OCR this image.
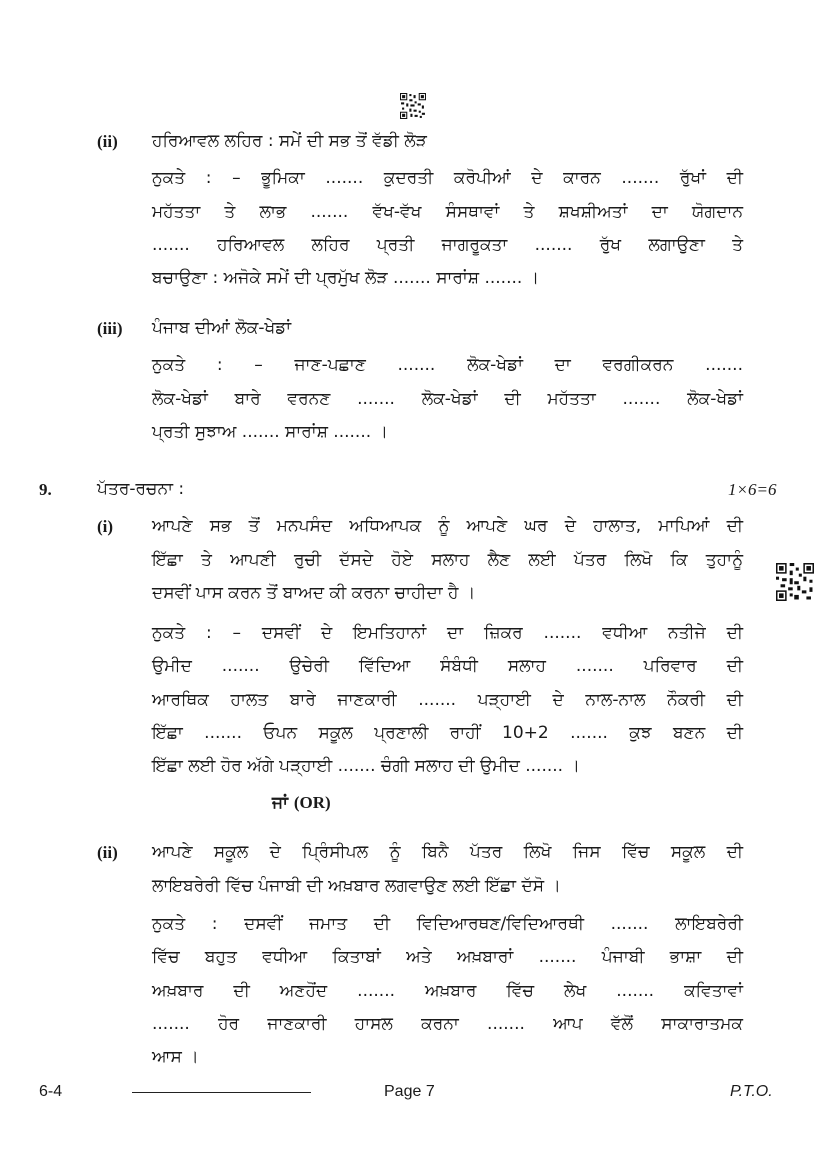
(ii) ਹਰਿਆਵਲ ਲਹਿਰ : ਸਮੇਂ ਦੀ ਸਭ ਤੋਂ ਵੱਡੀ ਲੋੜ
ਨੁਕਤੇ : – ਭੂਮਿਕਾ ....... ਕੁਦਰਤੀ ਕਰੋਪੀਆਂ ਦੇ ਕਾਰਨ ....... ਰੁੱਖਾਂ ਦੀ
ਮਹੱਤਤਾ ਤੇ ਲਾਭ ....... ਵੱਖ-ਵੱਖ ਸੰਸਥਾਵਾਂ ਤੇ ਸ਼ਖਸ਼ੀਅਤਾਂ ਦਾ ਯੋਗਦਾਨ
....... ਹਰਿਆਵਲ ਲਹਿਰ ਪ੍ਰਤੀ ਜਾਗਰੂਕਤਾ ....... ਰੁੱਖ ਲਗਾਉਣਾ ਤੇ
ਬਚਾਉਣਾ : ਅਜੋਕੇ ਸਮੇਂ ਦੀ ਪ੍ਰਮੁੱਖ ਲੋੜ ....... ਸਾਰਾਂਸ਼ ....... ।
(iii) ਪੰਜਾਬ ਦੀਆਂ ਲੋਕ-ਖੇਡਾਂ
ਨੁਕਤੇ : – ਜਾਣ-ਪਛਾਣ ....... ਲੋਕ-ਖੇਡਾਂ ਦਾ ਵਰਗੀਕਰਨ .......
ਲੋਕ-ਖੇਡਾਂ ਬਾਰੇ ਵਰਨਣ ....... ਲੋਕ-ਖੇਡਾਂ ਦੀ ਮਹੱਤਤਾ ....... ਲੋਕ-ਖੇਡਾਂ
ਪ੍ਰਤੀ ਸੁਝਾਅ ....... ਸਾਰਾਂਸ਼ ....... ।
9.	ਪੱਤਰ-ਰਚਨਾ :	1×6=6
(i) ਆਪਣੇ ਸਭ ਤੋਂ ਮਨਪਸੰਦ ਅਧਿਆਪਕ ਨੂੰ ਆਪਣੇ ਘਰ ਦੇ ਹਾਲਾਤ, ਮਾਪਿਆਂ ਦੀ
ਇੱਛਾ ਤੇ ਆਪਣੀ ਰੁਚੀ ਦੱਸਦੇ ਹੋਏ ਸਲਾਹ ਲੈਣ ਲਈ ਪੱਤਰ ਲਿਖੋ ਕਿ ਤੁਹਾਨੂੰ
ਦਸਵੀਂ ਪਾਸ ਕਰਨ ਤੋਂ ਬਾਅਦ ਕੀ ਕਰਨਾ ਚਾਹੀਦਾ ਹੈ ।
ਨੁਕਤੇ : – ਦਸਵੀਂ ਦੇ ਇਮਤਿਹਾਨਾਂ ਦਾ ਜ਼ਿਕਰ ....... ਵਧੀਆ ਨਤੀਜੇ ਦੀ
ਉਮੀਦ ....... ਉਚੇਰੀ ਵਿੱਦਿਆ ਸੰਬੰਧੀ ਸਲਾਹ ....... ਪਰਿਵਾਰ ਦੀ
ਆਰਥਿਕ ਹਾਲਤ ਬਾਰੇ ਜਾਣਕਾਰੀ ....... ਪੜ੍ਹਾਈ ਦੇ ਨਾਲ-ਨਾਲ ਨੌਕਰੀ ਦੀ
ਇੱਛਾ ....... ਓਪਨ ਸਕੂਲ ਪ੍ਰਣਾਲੀ ਰਾਹੀਂ 10+2 ....... ਕੁਝ ਬਣਨ ਦੀ
ਇੱਛਾ ਲਈ ਹੋਰ ਅੱਗੇ ਪੜ੍ਹਾਈ ....... ਚੰਗੀ ਸਲਾਹ ਦੀ ਉਮੀਦ ....... ।
ਜਾਂ (OR)
(ii) ਆਪਣੇ ਸਕੂਲ ਦੇ ਪ੍ਰਿੰਸੀਪਲ ਨੂੰ ਬਿਨੈ ਪੱਤਰ ਲਿਖੋ ਜਿਸ ਵਿੱਚ ਸਕੂਲ ਦੀ
ਲਾਇਬਰੇਰੀ ਵਿੱਚ ਪੰਜਾਬੀ ਦੀ ਅਖ਼ਬਾਰ ਲਗਵਾਉਣ ਲਈ ਇੱਛਾ ਦੱਸੋ ।
ਨੁਕਤੇ : ਦਸਵੀਂ ਜਮਾਤ ਦੀ ਵਿਦਿਆਰਥਣ/ਵਿਦਿਆਰਥੀ ....... ਲਾਇਬਰੇਰੀ
ਵਿੱਚ ਬਹੁਤ ਵਧੀਆ ਕਿਤਾਬਾਂ ਅਤੇ ਅਖ਼ਬਾਰਾਂ ....... ਪੰਜਾਬੀ ਭਾਸ਼ਾ ਦੀ
ਅਖ਼ਬਾਰ ਦੀ ਅਣਹੋਂਦ ....... ਅਖ਼ਬਾਰ ਵਿੱਚ ਲੇਖ ....... ਕਵਿਤਾਵਾਂ
....... ਹੋਰ ਜਾਣਕਾਰੀ ਹਾਸਲ ਕਰਨਾ ....... ਆਪ ਵੱਲੋਂ ਸਾਕਾਰਾਤਮਕ
ਆਸ ।
6-4	Page 7	P.T.O.
